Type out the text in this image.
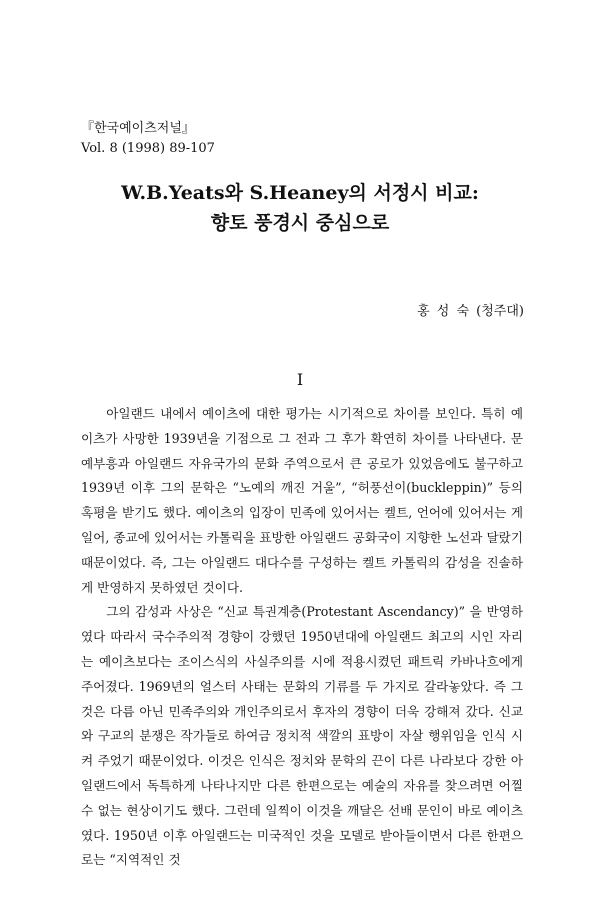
『한국예이츠저널』
Vol. 8 (1998) 89-107
W.B.Yeats와 S.Heaney의 서정시 비교:
향토 풍경시 중심으로
홍 성 숙 (청주대)
I

아일랜드 내에서 예이츠에 대한 평가는 시기적으로 차이를 보인다. 특히 예이츠가 사망한 1939년을 기점으로 그 전과 그 후가 확연히 차이를 나타낸다. 문예부흥과 아일랜드 자유국가의 문화 주역으로서 큰 공로가 있었음에도 불구하고 1939년 이후 그의 문학은 “노예의 깨진 거울”, “허풍선이(buckleppin)” 등의 혹평을 받기도 했다. 예이츠의 입장이 민족에 있어서는 켈트, 언어에 있어서는 게일어, 종교에 있어서는 카톨릭을 표방한 아일랜드 공화국이 지향한 노선과 달랐기 때문이었다. 즉, 그는 아일랜드 대다수를 구성하는 켈트 카톨릭의 감성을 진솔하게 반영하지 못하였던 것이다.

그의 감성과 사상은 “신교 특권계층(Protestant Ascendancy)” 을 반영하였다 따라서 국수주의적 경향이 강했던 1950년대에 아일랜드 최고의 시인 자리는 예이츠보다는 조이스식의 사실주의를 시에 적용시켰던 패트릭 카바나흐에게 주어졌다. 1969년의 얼스터 사태는 문화의 기류를 두 가지로 갈라놓았다. 즉 그것은 다름 아닌 민족주의와 개인주의로서 후자의 경향이 더욱 강해져 갔다. 신교와 구교의 분쟁은 작가들로 하여금 정치적 색깔의 표방이 자살 행위임을 인식 시켜 주었기 때문이었다. 이것은 인식은 정치와 문학의 끈이 다른 나라보다 강한 아일랜드에서 독특하게 나타나지만 다른 한편으로는 예술의 자유를 찾으려면 어찔 수 없는 현상이기도 했다. 그런데 일찍이 이것을 깨달은 선배 문인이 바로 예이츠였다. 1950년 이후 아일랜드는 미국적인 것을 모델로 받아들이면서 다른 한편으로는 “지역적인 것
